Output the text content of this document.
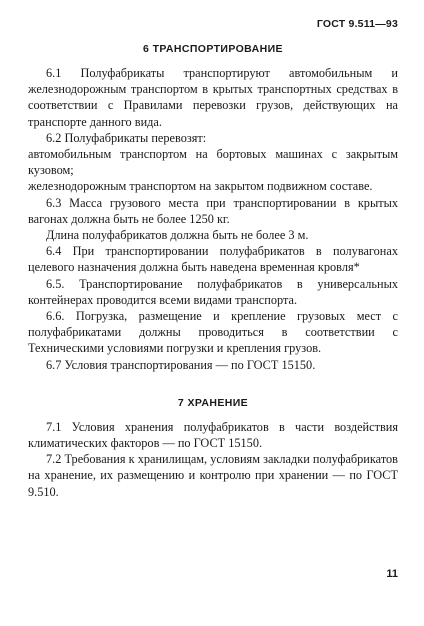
ГОСТ 9.511—93
6 ТРАНСПОРТИРОВАНИЕ

6.1 Полуфабрикаты транспортируют автомобильным и железнодорожным транспортом в крытых транспортных средствах в соответствии с Правилами перевозки грузов, действующих на транспорте данного вида.

6.2 Полуфабрикаты перевозят:

автомобильным транспортом на бортовых машинах с закрытым кузовом;

железнодорожным транспортом на закрытом подвижном составе.

6.3 Масса грузового места при транспортировании в крытых вагонах должна быть не более 1250 кг.

Длина полуфабрикатов должна быть не более 3 м.

6.4 При транспортировании полуфабрикатов в полувагонах целевого назначения должна быть наведена временная кровля*

6.5. Транспортирование полуфабрикатов в универсальных контейнерах проводится всеми видами транспорта.

6.6. Погрузка, размещение и крепление грузовых мест с полуфабрикатами должны проводиться в соответствии с Техническими условиями погрузки и крепления грузов.

6.7 Условия транспортирования — по ГОСТ 15150.

7 ХРАНЕНИЕ

7.1 Условия хранения полуфабрикатов в части воздействия климатических факторов — по ГОСТ 15150.

7.2 Требования к хранилищам, условиям закладки полуфабрикатов на хранение, их размещению и контролю при хранении — по ГОСТ 9.510.

11
